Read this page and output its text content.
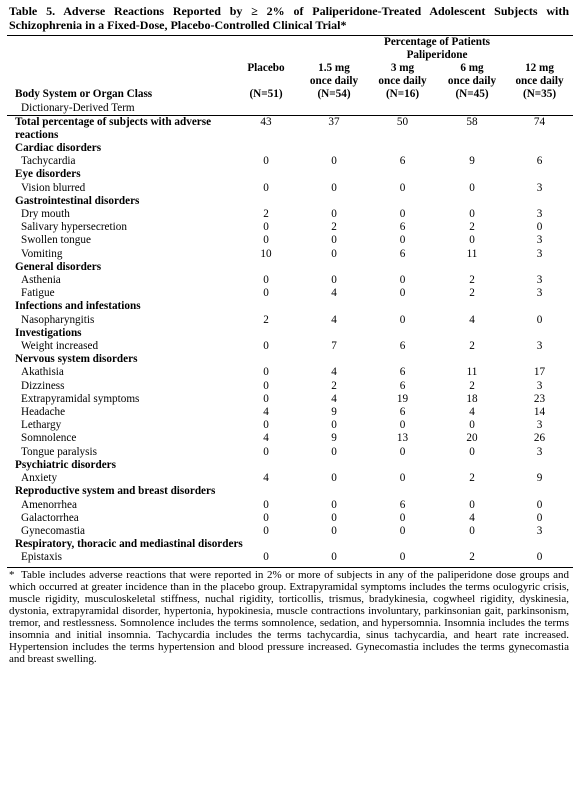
Table 5. Adverse Reactions Reported by ≥ 2% of Paliperidone-Treated Adolescent Subjects with
Schizophrenia in a Fixed-Dose, Placebo-Controlled Clinical Trial*

		Percentage of Patients
Paliperidone			

	Placebo	1.5 mg	3 mg	6 mg	12 mg
		once daily	once daily	once daily	once daily
Body System or Organ Class	(N=51)	(N=54)	(N=16)	(N=45)	(N=35)
Dictionary-Derived Term					

Total percentage of subjects with adverse reactions	43	37	50	58	74
Cardiac disorders					
Tachycardia	0	0	6	9	6
Eye disorders					
Vision blurred	0	0	0	0	3
Gastrointestinal disorders					
Dry mouth	2	0	0	0	3
Salivary hypersecretion	0	2	6	2	0
Swollen tongue	0	0	0	0	3
Vomiting	10	0	6	11	3
General disorders					
Asthenia	0	0	0	2	3
Fatigue	0	4	0	2	3
Infections and infestations					
Nasopharyngitis	2	4	0	4	0
Investigations					
Weight increased	0	7	6	2	3
Nervous system disorders					
Akathisia	0	4	6	11	17
Dizziness	0	2	6	2	3
Extrapyramidal symptoms	0	4	19	18	23
Headache	4	9	6	4	14
Lethargy	0	0	0	0	3
Somnolence	4	9	13	20	26
Tongue paralysis	0	0	0	0	3
Psychiatric disorders					
Anxiety	4	0	0	2	9
Reproductive system and breast disorders					
Amenorrhea	0	0	6	0	0
Galactorrhea	0	0	0	4	0
Gynecomastia	0	0	0	0	3
Respiratory, thoracic and mediastinal disorders					
Epistaxis	0	0	0	2	0
* Table includes adverse reactions that were reported in 2% or more of subjects in any of the paliperidone dose groups and which occurred at greater incidence than in the placebo group. Extrapyramidal symptoms includes the terms oculogyric crisis, muscle rigidity, musculoskeletal stiffness, nuchal rigidity, torticollis, trismus, bradykinesia, cogwheel rigidity, dyskinesia, dystonia, extrapyramidal disorder, hypertonia, hypokinesia, muscle contractions involuntary, parkinsonian gait, parkinsonism, tremor, and restlessness. Somnolence includes the terms somnolence, sedation, and hypersomnia. Insomnia includes the terms insomnia and initial insomnia. Tachycardia includes the terms tachycardia, sinus tachycardia, and heart rate increased. Hypertension includes the terms hypertension and blood pressure increased. Gynecomastia includes the terms gynecomastia and breast swelling.
